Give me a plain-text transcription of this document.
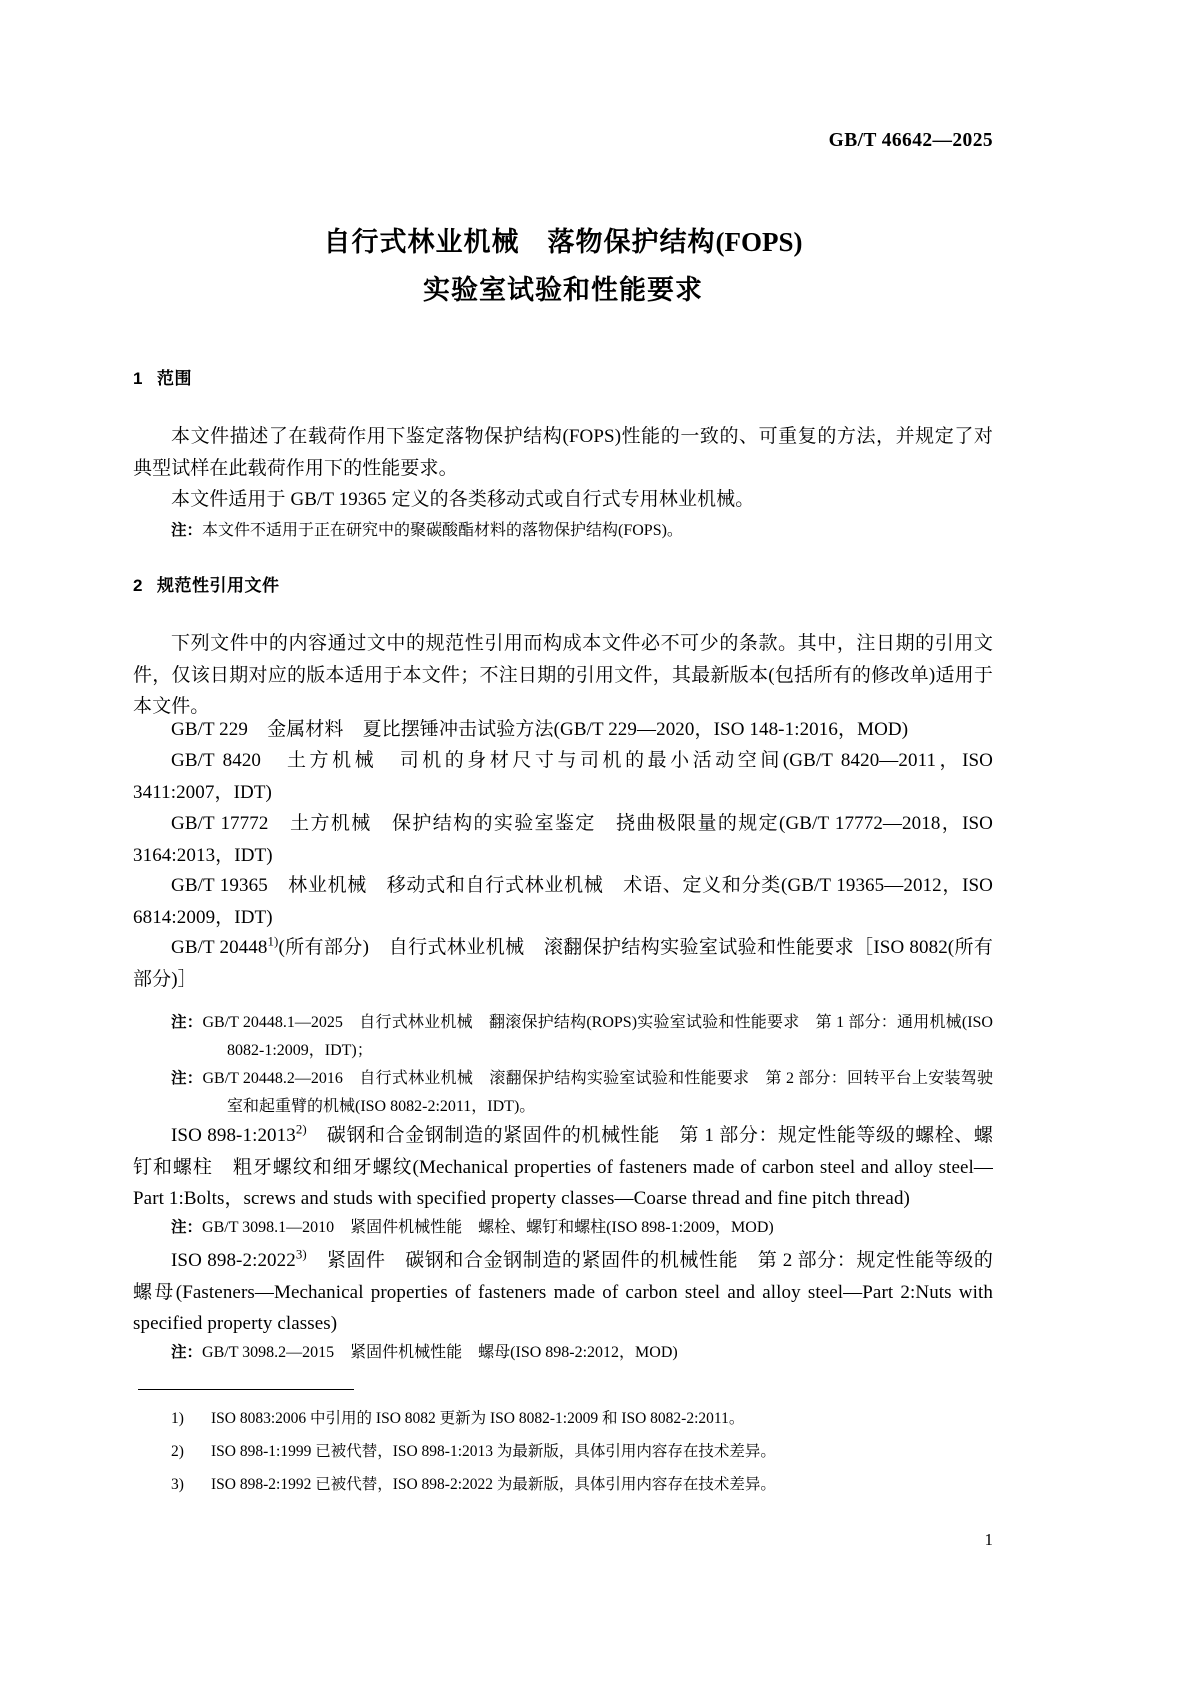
GB/T 46642—2025
自行式林业机械　落物保护结构(FOPS)
实验室试验和性能要求
1 范围
本文件描述了在载荷作用下鉴定落物保护结构(FOPS)性能的一致的、可重复的方法，并规定了对典型试样在此载荷作用下的性能要求。
本文件适用于 GB/T 19365 定义的各类移动式或自行式专用林业机械。
注：本文件不适用于正在研究中的聚碳酸酯材料的落物保护结构(FOPS)。
2 规范性引用文件
下列文件中的内容通过文中的规范性引用而构成本文件必不可少的条款。其中，注日期的引用文件，仅该日期对应的版本适用于本文件；不注日期的引用文件，其最新版本(包括所有的修改单)适用于本文件。
GB/T 229　金属材料　夏比摆锤冲击试验方法(GB/T 229—2020，ISO 148-1:2016，MOD)
GB/T 8420　土方机械　司机的身材尺寸与司机的最小活动空间(GB/T 8420—2011，ISO 3411:2007，IDT)
GB/T 17772　土方机械　保护结构的实验室鉴定　挠曲极限量的规定(GB/T 17772—2018，ISO 3164:2013，IDT)
GB/T 19365　林业机械　移动式和自行式林业机械　术语、定义和分类(GB/T 19365—2012，ISO 6814:2009，IDT)
GB/T 20448$^{1)}$(所有部分)　自行式林业机械　滚翻保护结构实验室试验和性能要求［ISO 8082(所有部分)］
注：GB/T 20448.1—2025　自行式林业机械　翻滚保护结构(ROPS)实验室试验和性能要求　第 1 部分：通用机械(ISO 8082-1:2009，IDT)；
注：GB/T 20448.2—2016　自行式林业机械　滚翻保护结构实验室试验和性能要求　第 2 部分：回转平台上安装驾驶室和起重臂的机械(ISO 8082-2:2011，IDT)。
ISO 898-1:2013$^{2)}$　碳钢和合金钢制造的紧固件的机械性能　第 1 部分：规定性能等级的螺栓、螺钉和螺柱　粗牙螺纹和细牙螺纹(Mechanical properties of fasteners made of carbon steel and alloy steel—Part 1:Bolts，screws and studs with specified property classes—Coarse thread and fine pitch thread)
注：GB/T 3098.1—2010　紧固件机械性能　螺栓、螺钉和螺柱(ISO 898-1:2009，MOD)
ISO 898-2:2022$^{3)}$　紧固件　碳钢和合金钢制造的紧固件的机械性能　第 2 部分：规定性能等级的螺母(Fasteners—Mechanical properties of fasteners made of carbon steel and alloy steel—Part 2:Nuts with specified property classes)
注：GB/T 3098.2—2015　紧固件机械性能　螺母(ISO 898-2:2012，MOD)
1) ISO 8083:2006 中引用的 ISO 8082 更新为 ISO 8082-1:2009 和 ISO 8082-2:2011。
2) ISO 898-1:1999 已被代替，ISO 898-1:2013 为最新版，具体引用内容存在技术差异。
3) ISO 898-2:1992 已被代替，ISO 898-2:2022 为最新版，具体引用内容存在技术差异。
1
